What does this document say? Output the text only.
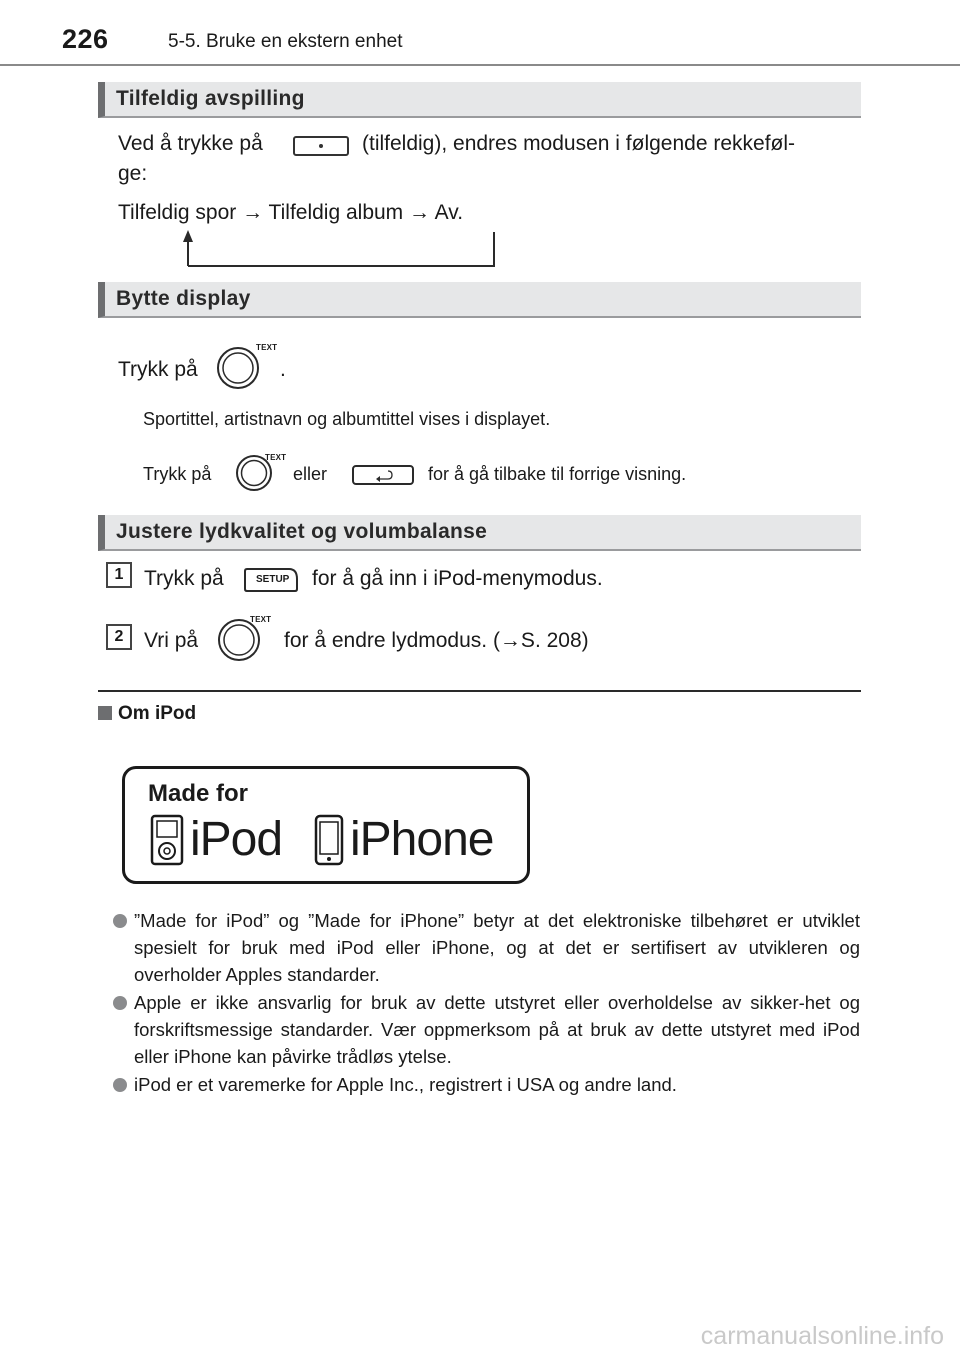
226	5-5. Bruke en ekstern enhet
Tilfeldig avspilling
Ved å trykke på	(tilfeldig), endres modusen i følgende rekkeføl-
ge:
Tilfeldig spor → Tilfeldig album → Av.
Bytte display
Trykk på
TEXT
.
Sportittel, artistnavn og albumtittel vises i displayet.
Trykk på
TEXT
eller	for å gå tilbake til forrige visning.
Justere lydkvalitet og volumbalanse
1 Trykk på	SETUP for å gå inn i iPod-menymodus.
2 Vri på
TEXT
for å endre lydmodus. (→S. 208)
Om iPod
Made for
iPod iPhone
”Made for iPod” og ”Made for iPhone” betyr at det elektroniske tilbehøret er utviklet spesielt for bruk med iPod eller iPhone, og at det er sertifisert av utvikleren og overholder Apples standarder.
Apple er ikke ansvarlig for bruk av dette utstyret eller overholdelse av sikker-het og forskriftsmessige standarder. Vær oppmerksom på at bruk av dette utstyret med iPod eller iPhone kan påvirke trådløs ytelse.
iPod er et varemerke for Apple Inc., registrert i USA og andre land.
carmanualsonline.info
